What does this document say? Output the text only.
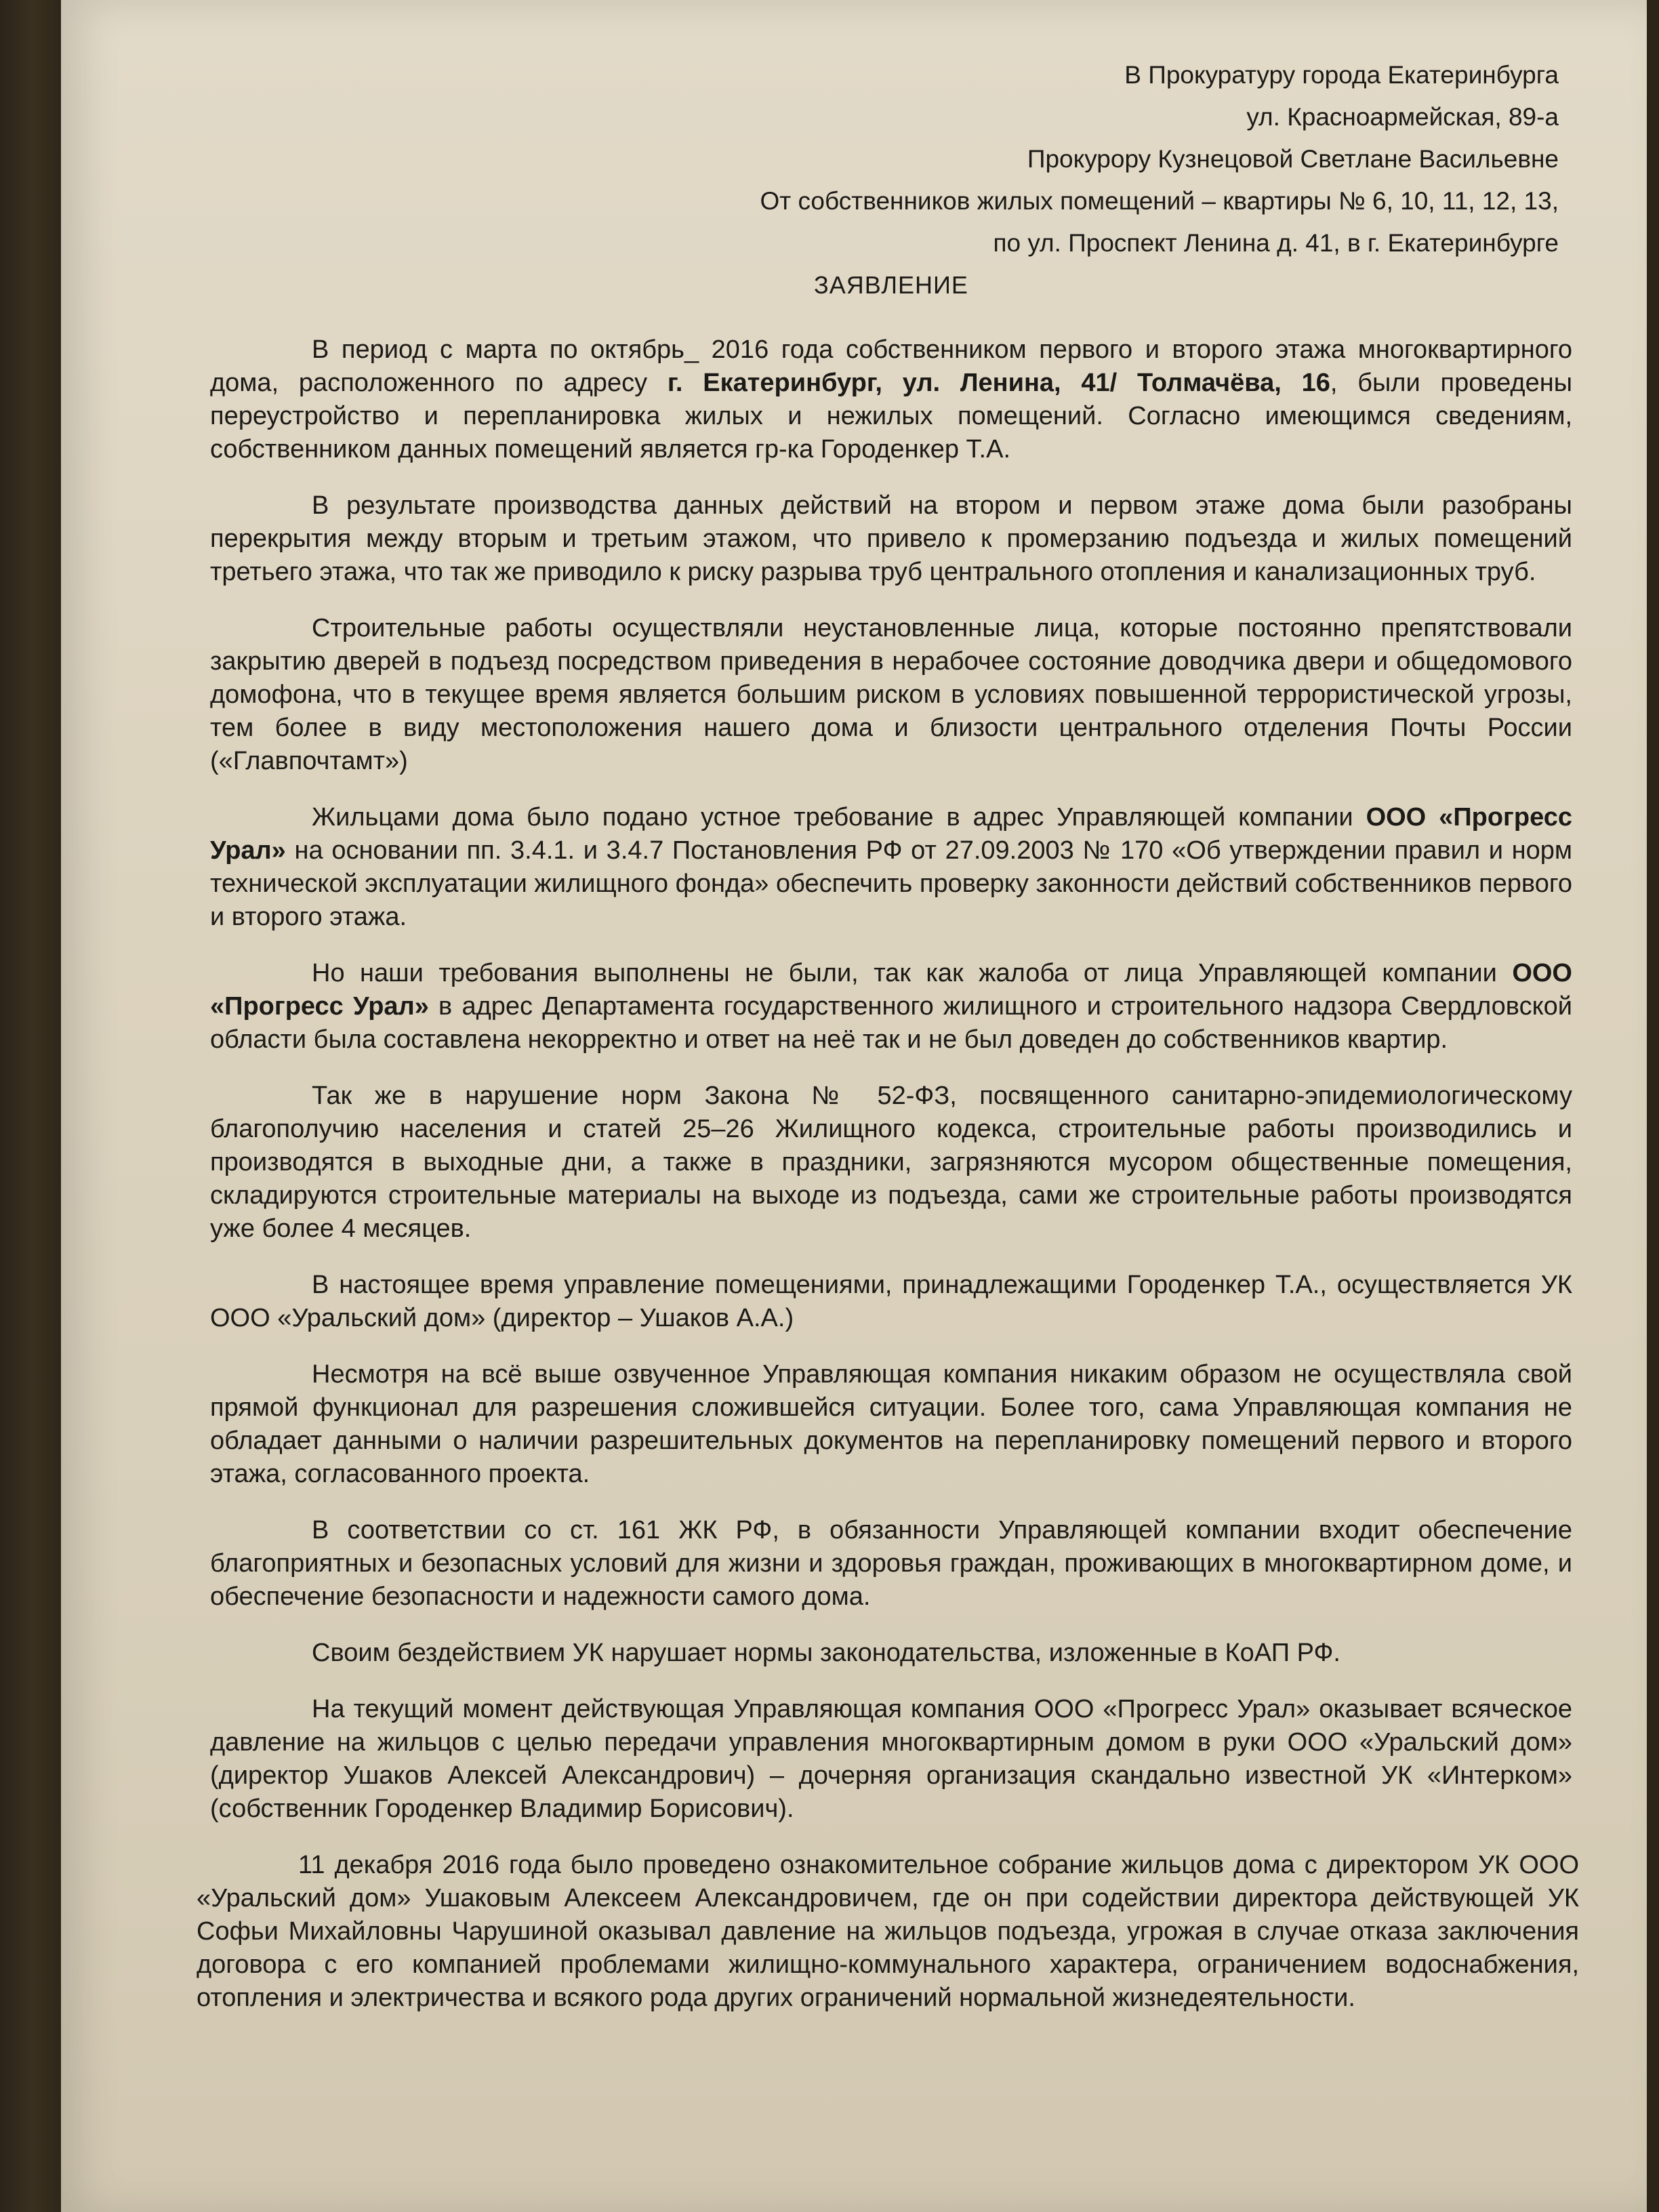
В Прокуратуру города Екатеринбурга
ул. Красноармейская, 89-а
Прокурору Кузнецовой Светлане Васильевне
От собственников жилых помещений – квартиры № 6, 10, 11, 12, 13,
по ул. Проспект Ленина д. 41, в г. Екатеринбурге
ЗАЯВЛЕНИЕ

В период с марта по октябрь_ 2016 года собственником первого и второго этажа многоквартирного дома, расположенного по адресу г. Екатеринбург, ул. Ленина, 41/ Толмачёва, 16, были проведены переустройство и перепланировка жилых и нежилых помещений. Согласно имеющимся сведениям, собственником данных помещений является гр-ка Городенкер Т.А.

В результате производства данных действий на втором и первом этаже дома были разобраны перекрытия между вторым и третьим этажом, что привело к промерзанию подъезда и жилых помещений третьего этажа, что так же приводило к риску разрыва труб центрального отопления и канализационных труб.

Строительные работы осуществляли неустановленные лица, которые постоянно препятствовали закрытию дверей в подъезд посредством приведения в нерабочее состояние доводчика двери и общедомового домофона, что в текущее время является большим риском в условиях повышенной террористической угрозы, тем более в виду местоположения нашего дома и близости центрального отделения Почты России («Главпочтамт»)

Жильцами дома было подано устное требование в адрес Управляющей компании ООО «Прогресс Урал» на основании пп. 3.4.1. и 3.4.7 Постановления РФ от 27.09.2003 № 170 «Об утверждении правил и норм технической эксплуатации жилищного фонда» обеспечить проверку законности действий собственников первого и второго этажа.

Но наши требования выполнены не были, так как жалоба от лица Управляющей компании ООО «Прогресс Урал» в адрес Департамента государственного жилищного и строительного надзора Свердловской области была составлена некорректно и ответ на неё так и не был доведен до собственников квартир.

Так же в нарушение норм Закона № 52-ФЗ, посвященного санитарно-эпидемиологическому благополучию населения и статей 25–26 Жилищного кодекса, строительные работы производились и производятся в выходные дни, а также в праздники, загрязняются мусором общественные помещения, складируются строительные материалы на выходе из подъезда, сами же строительные работы производятся уже более 4 месяцев.

В настоящее время управление помещениями, принадлежащими Городенкер Т.А., осуществляется УК ООО «Уральский дом» (директор – Ушаков А.А.)

Несмотря на всё выше озвученное Управляющая компания никаким образом не осуществляла свой прямой функционал для разрешения сложившейся ситуации. Более того, сама Управляющая компания не обладает данными о наличии разрешительных документов на перепланировку помещений первого и второго этажа, согласованного проекта.

В соответствии со ст. 161 ЖК РФ, в обязанности Управляющей компании входит обеспечение благоприятных и безопасных условий для жизни и здоровья граждан, проживающих в многоквартирном доме, и обеспечение безопасности и надежности самого дома.

Своим бездействием УК нарушает нормы законодательства, изложенные в КоАП РФ.

На текущий момент действующая Управляющая компания ООО «Прогресс Урал» оказывает всяческое давление на жильцов с целью передачи управления многоквартирным домом в руки ООО «Уральский дом» (директор Ушаков Алексей Александрович) – дочерняя организация скандально известной УК «Интерком» (собственник Городенкер Владимир Борисович).

11 декабря 2016 года было проведено ознакомительное собрание жильцов дома с директором УК ООО «Уральский дом» Ушаковым Алексеем Александровичем, где он при содействии директора действующей УК Софьи Михайловны Чарушиной оказывал давление на жильцов подъезда, угрожая в случае отказа заключения договора с его компанией проблемами жилищно-коммунального характера, ограничением водоснабжения, отопления и электричества и всякого рода других ограничений нормальной жизнедеятельности.
